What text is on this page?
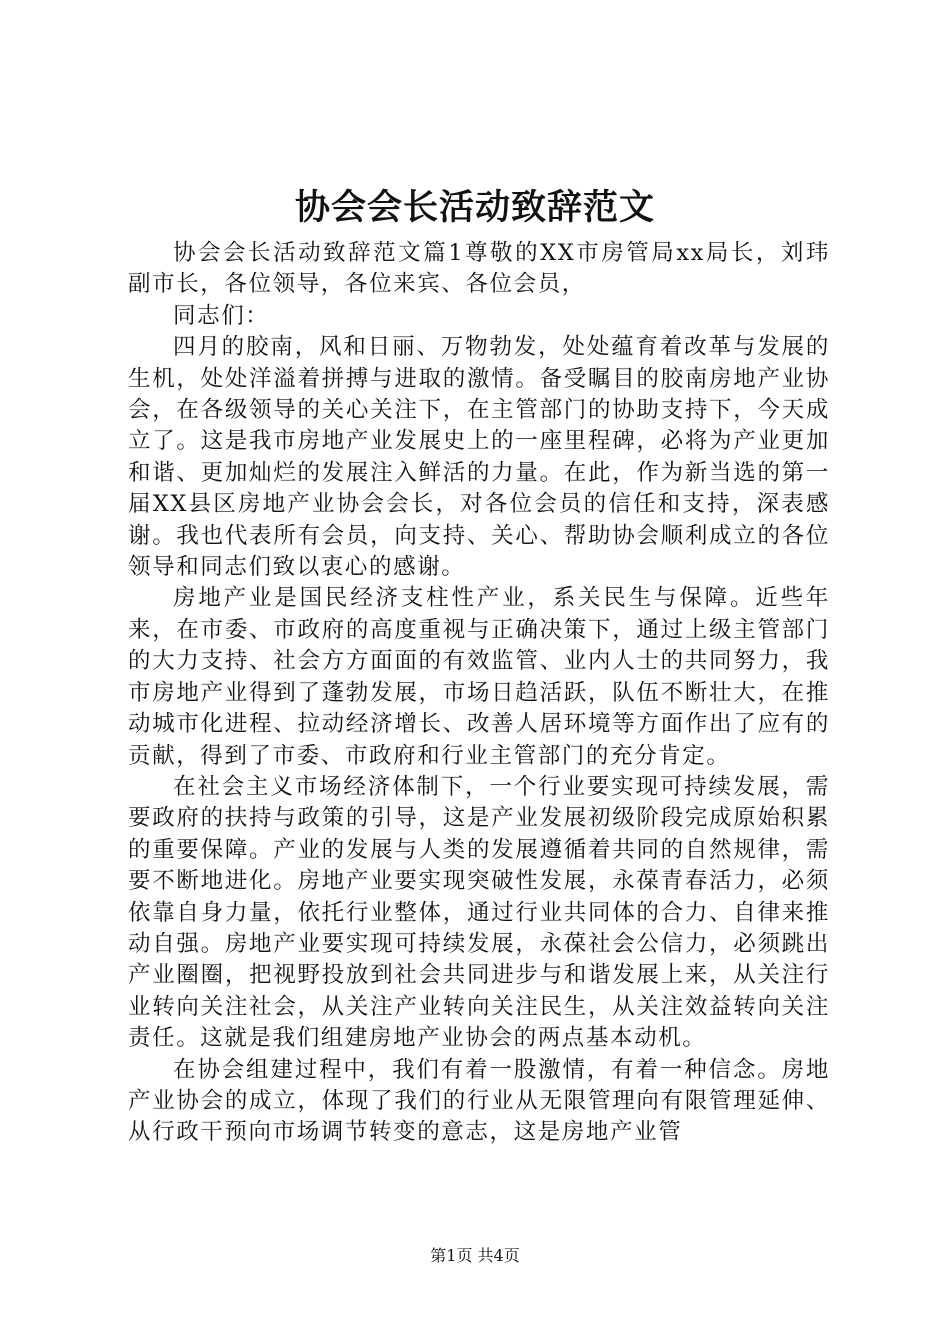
协会会长活动致辞范文

协会会长活动致辞范文篇1尊敬的XX市房管局xx局长，刘玮副市长，各位领导，各位来宾、各位会员，

同志们：

四月的胶南，风和日丽、万物勃发，处处蕴育着改革与发展的生机，处处洋溢着拼搏与进取的激情。备受瞩目的胶南房地产业协会，在各级领导的关心关注下，在主管部门的协助支持下，今天成立了。这是我市房地产业发展史上的一座里程碑，必将为产业更加和谐、更加灿烂的发展注入鲜活的力量。在此，作为新当选的第一届XX县区房地产业协会会长，对各位会员的信任和支持，深表感谢。我也代表所有会员，向支持、关心、帮助协会顺利成立的各位领导和同志们致以衷心的感谢。

房地产业是国民经济支柱性产业，系关民生与保障。近些年来，在市委、市政府的高度重视与正确决策下，通过上级主管部门的大力支持、社会方方面面的有效监管、业内人士的共同努力，我市房地产业得到了蓬勃发展，市场日趋活跃，队伍不断壮大，在推动城市化进程、拉动经济增长、改善人居环境等方面作出了应有的贡献，得到了市委、市政府和行业主管部门的充分肯定。

在社会主义市场经济体制下，一个行业要实现可持续发展，需要政府的扶持与政策的引导，这是产业发展初级阶段完成原始积累的重要保障。产业的发展与人类的发展遵循着共同的自然规律，需要不断地进化。房地产业要实现突破性发展，永葆青春活力，必须依靠自身力量，依托行业整体，通过行业共同体的合力、自律来推动自强。房地产业要实现可持续发展，永葆社会公信力，必须跳出产业圈圈，把视野投放到社会共同进步与和谐发展上来，从关注行业转向关注社会，从关注产业转向关注民生，从关注效益转向关注责任。这就是我们组建房地产业协会的两点基本动机。

在协会组建过程中，我们有着一股激情，有着一种信念。房地产业协会的成立，体现了我们的行业从无限管理向有限管理延伸、从行政干预向市场调节转变的意志，这是房地产业管

第1页 共4页
